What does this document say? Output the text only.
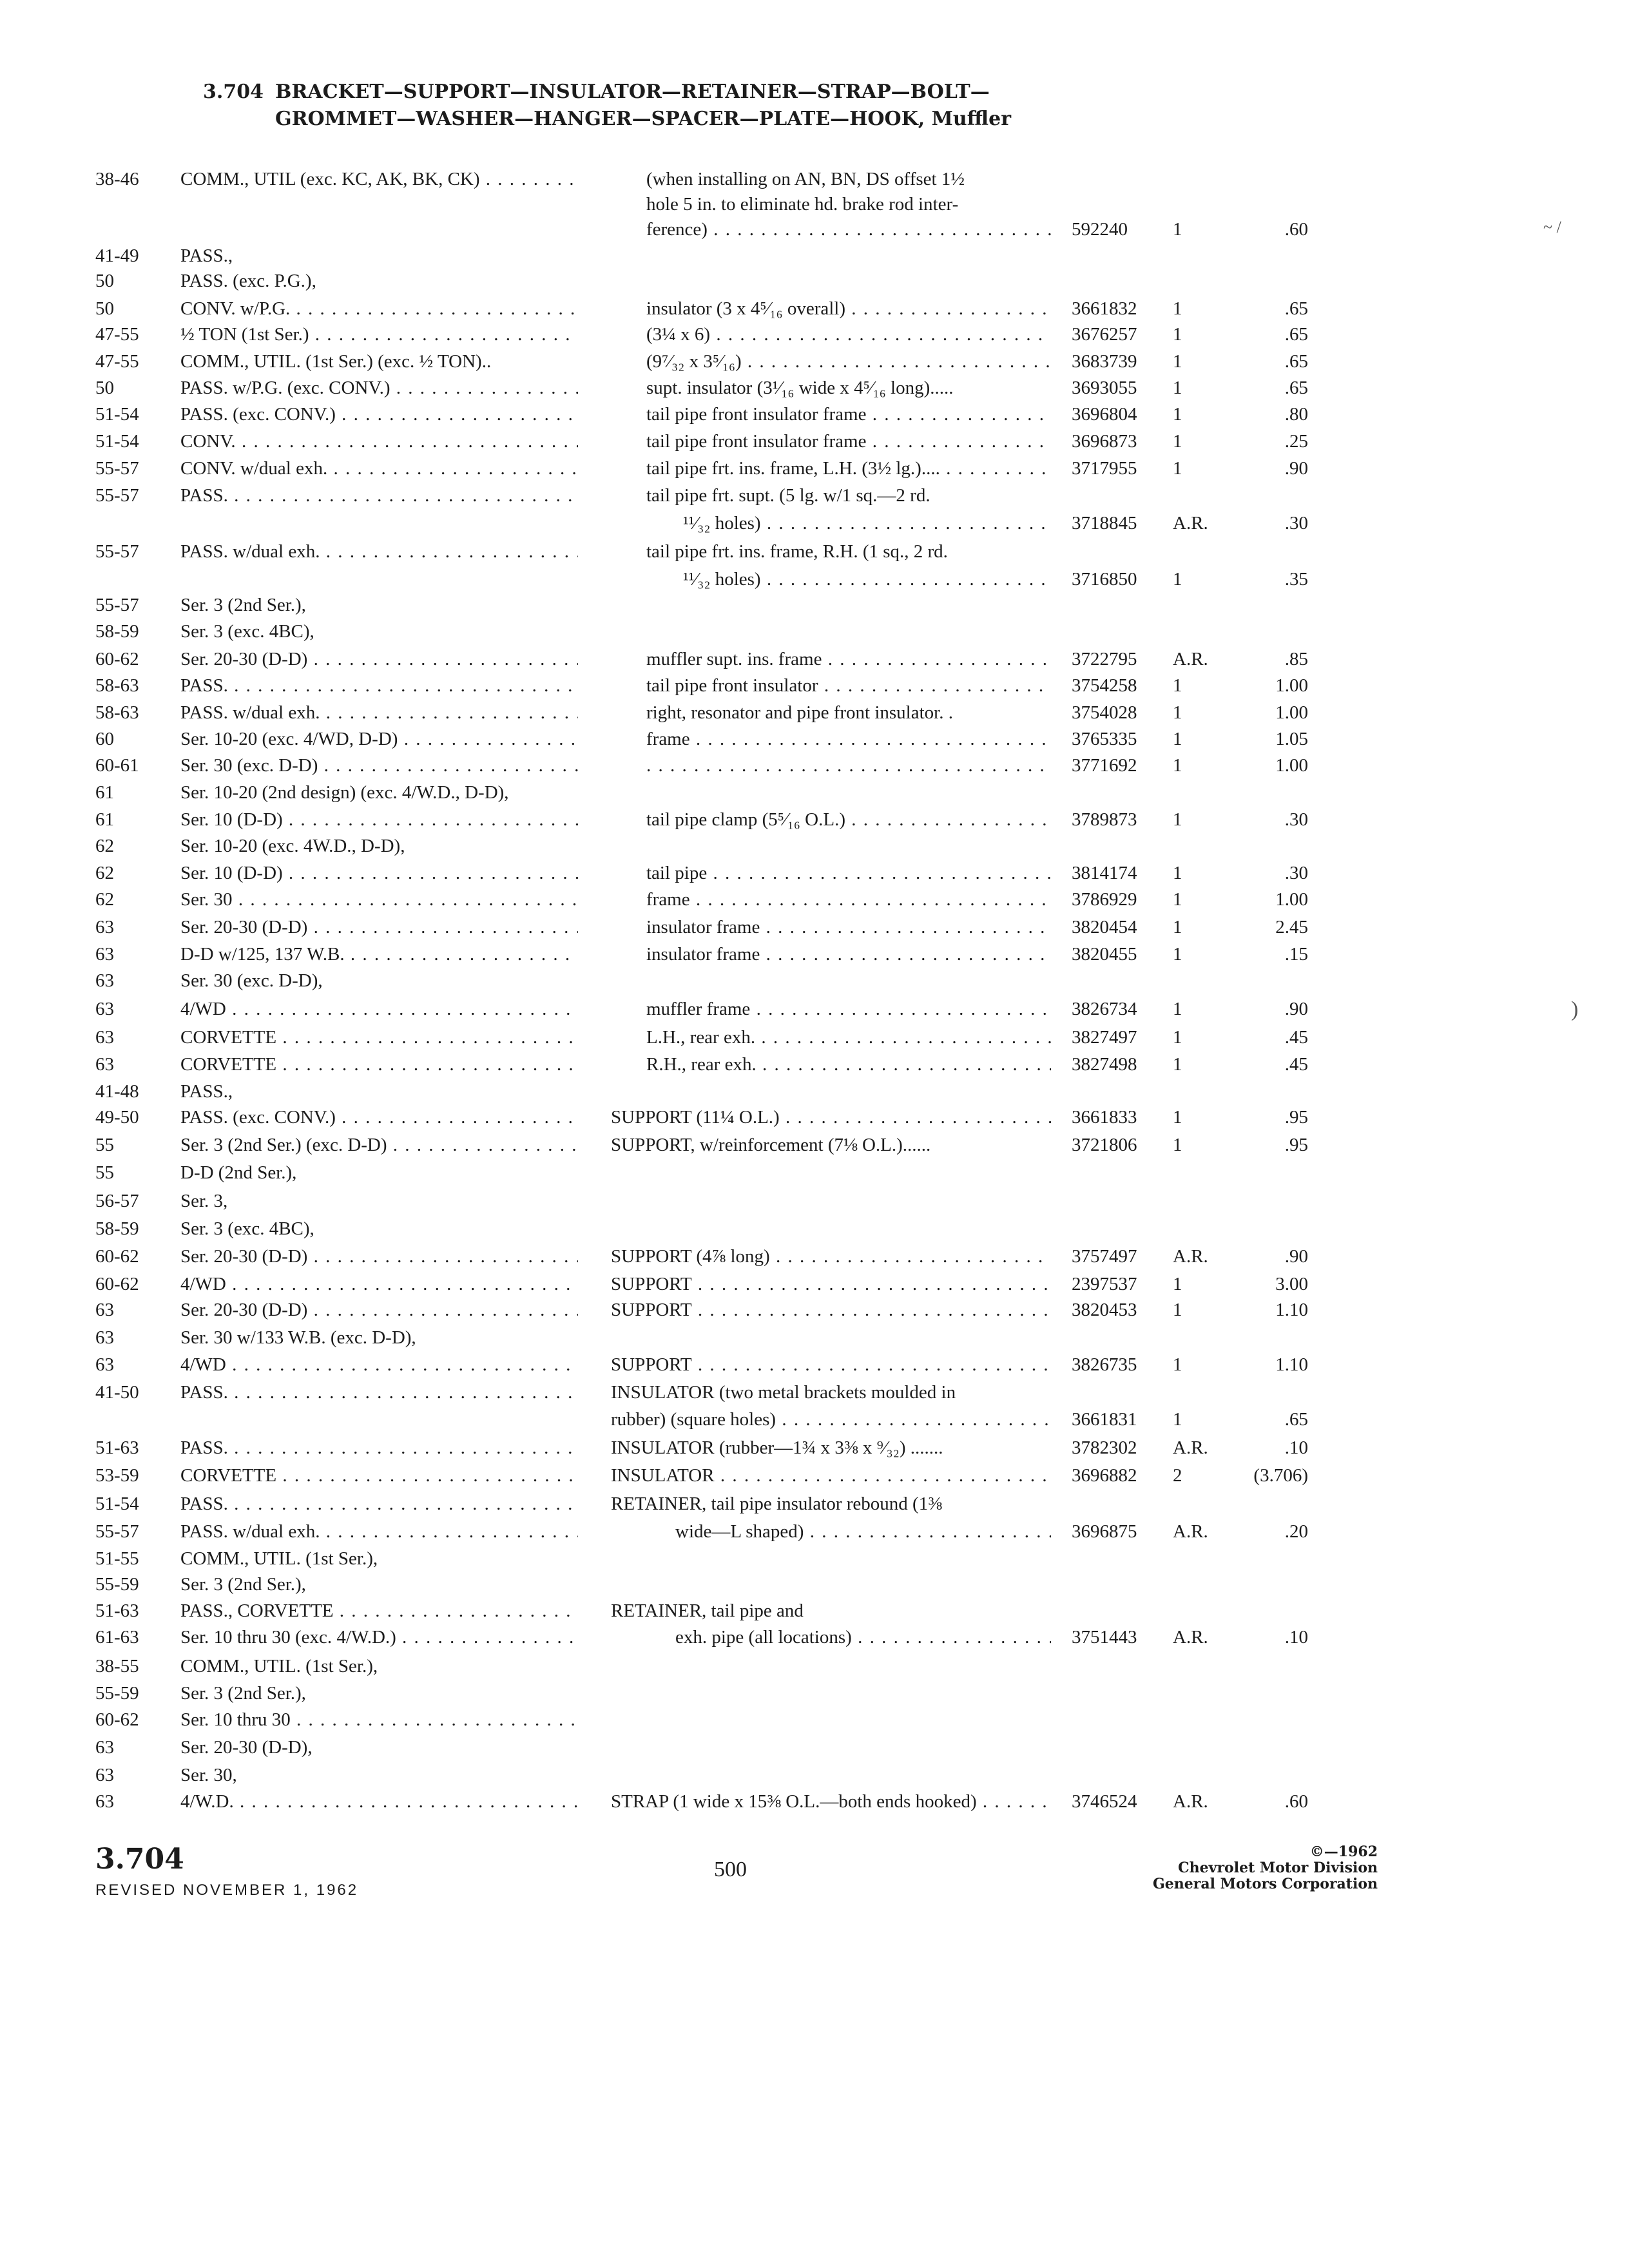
3.704 BRACKET—SUPPORT—INSULATOR—RETAINER—STRAP—BOLT—
GROMMET—WASHER—HANGER—SPACER—PLATE—HOOK, Muffler
38-46	COMM., UTIL (exc. KC, AK, BK, CK) . . .	(when installing on AN, BN, DS offset 1½
hole 5 in. to eliminate hd. brake rod inter-
ference) . . .	592240	1	.60
41-49	PASS.,
50	PASS. (exc. P.G.),
50	CONV. w/P.G. . . .	insulator (3 x 4⁵⁄₁₆ overall) . . .	3661832	1	.65
47-55	½ TON (1st Ser.) . . .	(3¼ x 6) . . .	3676257	1	.65
47-55	COMM., UTIL. (1st Ser.) (exc. ½ TON)..	(9⁷⁄₃₂ x 3⁵⁄₁₆) . . .	3683739	1	.65
50	PASS. w/P.G. (exc. CONV.) . . .	supt. insulator (3¹⁄₁₆ wide x 4⁵⁄₁₆ long).....	3693055	1	.65
51-54	PASS. (exc. CONV.) . . .	tail pipe front insulator frame . . .	3696804	1	.80
51-54	CONV. . . .	tail pipe front insulator frame . . .	3696873	1	.25
55-57	CONV. w/dual exh. . . .	tail pipe frt. ins. frame, L.H. (3½ lg.).... . . .	3717955	1	.90
55-57	PASS. . . .	tail pipe frt. supt. (5 lg. w/1 sq.—2 rd.
¹¹⁄₃₂ holes) . . .	3718845	A.R.	.30
55-57	PASS. w/dual exh. . . .	tail pipe frt. ins. frame, R.H. (1 sq., 2 rd.
¹¹⁄₃₂ holes) . . .	3716850	1	.35
55-57	Ser. 3 (2nd Ser.),
58-59	Ser. 3 (exc. 4BC),
60-62	Ser. 20-30 (D-D) . . .	muffler supt. ins. frame . . .	3722795	A.R.	.85
58-63	PASS. . . .	tail pipe front insulator . . .	3754258	1	1.00
58-63	PASS. w/dual exh. . . .	right, resonator and pipe front insulator. .	3754028	1	1.00
60	Ser. 10-20 (exc. 4/WD, D-D) . . .	frame . . .	3765335	1	1.05
60-61	Ser. 30 (exc. D-D) . . .
. . .	3771692	1	1.00
61	Ser. 10-20 (2nd design) (exc. 4/W.D., D-D),
61	Ser. 10 (D-D) . . .	tail pipe clamp (5⁵⁄₁₆ O.L.) . . .	3789873	1	.30
62	Ser. 10-20 (exc. 4W.D., D-D),
62	Ser. 10 (D-D) . . .	tail pipe . . .	3814174	1	.30
62	Ser. 30 . . .	frame . . .	3786929	1	1.00
63	Ser. 20-30 (D-D) . . .	insulator frame . . .	3820454	1	2.45
63	D-D w/125, 137 W.B. . . .	insulator frame . . .	3820455	1	.15
63	Ser. 30 (exc. D-D),
63	4/WD . . .	muffler frame . . .	3826734	1	.90
63	CORVETTE . . .	L.H., rear exh. . . .	3827497	1	.45
63	CORVETTE . . .	R.H., rear exh. . . .	3827498	1	.45
41-48	PASS.,
49-50	PASS. (exc. CONV.) . . .	SUPPORT (11¼ O.L.) . . .	3661833	1	.95
55	Ser. 3 (2nd Ser.) (exc. D-D) . . .	SUPPORT, w/reinforcement (7⅛ O.L.)......	3721806	1	.95
55	D-D (2nd Ser.),
56-57	Ser. 3,
58-59	Ser. 3 (exc. 4BC),
60-62	Ser. 20-30 (D-D) . . .	SUPPORT (4⅞ long) . . .	3757497	A.R.	.90
60-62	4/WD . . .	SUPPORT . . .	2397537	1	3.00
63	Ser. 20-30 (D-D) . . .	SUPPORT . . .	3820453	1	1.10
63	Ser. 30 w/133 W.B. (exc. D-D),
63	4/WD . . .	SUPPORT . . .	3826735	1	1.10
41-50	PASS. . . .	INSULATOR (two metal brackets moulded in
rubber) (square holes) . . .	3661831	1	.65
51-63	PASS. . . .	INSULATOR (rubber—1¾ x 3⅜ x ⁹⁄₃₂) .......	3782302	A.R.	.10
53-59	CORVETTE . . .	INSULATOR . . .	3696882	2	(3.706)
51-54	PASS. . . .	RETAINER, tail pipe insulator rebound (1⅜
55-57	PASS. w/dual exh. . . .	wide—L shaped) . . .	3696875	A.R.	.20
51-55	COMM., UTIL. (1st Ser.),
55-59	Ser. 3 (2nd Ser.),
51-63	PASS., CORVETTE . . .	RETAINER, tail pipe and
61-63	Ser. 10 thru 30 (exc. 4/W.D.) . . .	exh. pipe (all locations) . . .	3751443	A.R.	.10
38-55	COMM., UTIL. (1st Ser.),
55-59	Ser. 3 (2nd Ser.),
60-62	Ser. 10 thru 30 . . .
63	Ser. 20-30 (D-D),
63	Ser. 30,
63	4/W.D. . . .	STRAP (1 wide x 15⅜ O.L.—both ends hooked) . . .	3746524	A.R.	.60
3.704
REVISED NOVEMBER 1, 1962
500
©—1962
Chevrolet Motor Division
General Motors Corporation
~ /
)
